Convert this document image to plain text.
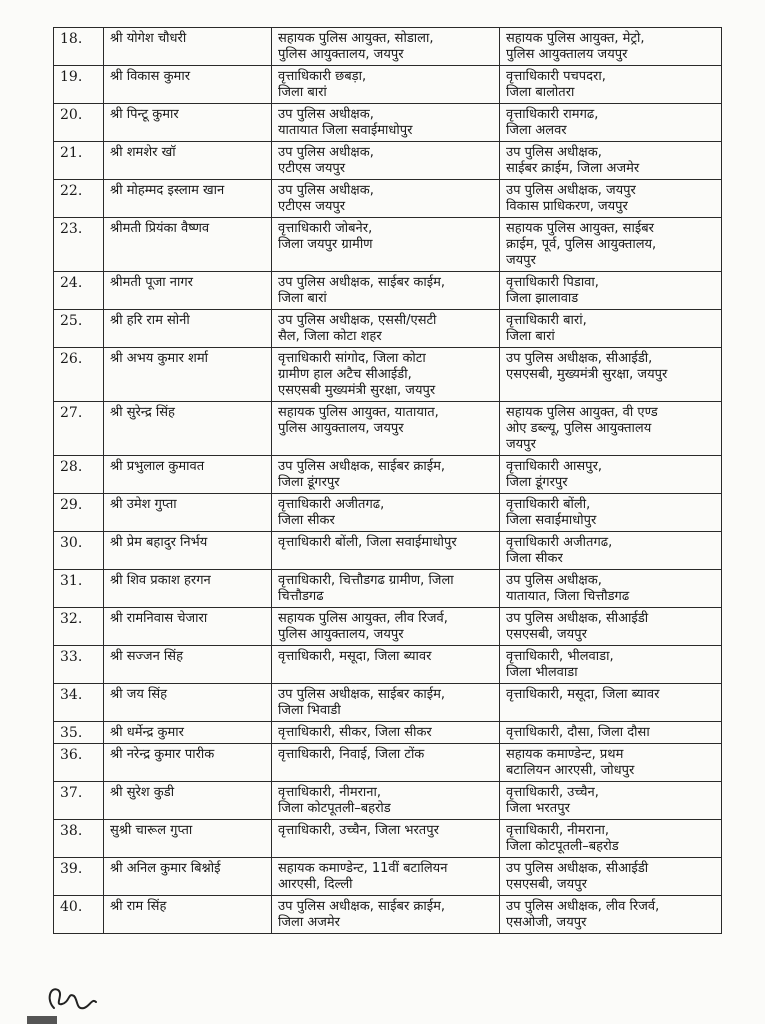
18.	श्री योगेश चौधरी	सहायक पुलिस आयुक्त, सोडाला,
पुलिस आयुक्तालय, जयपुर	सहायक पुलिस आयुक्त, मेट्रो,
पुलिस आयुक्तालय जयपुर

19.	श्री विकास कुमार	वृत्ताधिकारी छबड़ा,
जिला बारां	वृत्ताधिकारी पचपदरा,
जिला बालोतरा

20.	श्री पिन्टू कुमार	उप पुलिस अधीक्षक,
यातायात जिला सवाईमाधोपुर	वृत्ताधिकारी रामगढ,
जिला अलवर

21.	श्री शमशेर खॉ	उप पुलिस अधीक्षक,
एटीएस जयपुर	उप पुलिस अधीक्षक,
साईबर क्राईम, जिला अजमेर

22.	श्री मोहम्मद इस्लाम खान	उप पुलिस अधीक्षक,
एटीएस जयपुर	उप पुलिस अधीक्षक, जयपुर
विकास प्राधिकरण, जयपुर

23.	श्रीमती प्रियंका वैष्णव	वृत्ताधिकारी जोबनेर,
जिला जयपुर ग्रामीण	सहायक पुलिस आयुक्त, साईबर
क्राईम, पूर्व, पुलिस आयुक्तालय,
जयपुर

24.	श्रीमती पूजा नागर	उप पुलिस अधीक्षक, साईबर काईम,
जिला बारां	वृत्ताधिकारी पिडावा,
जिला झालावाड

25.	श्री हरि राम सोनी	उप पुलिस अधीक्षक, एससी/एसटी
सैल, जिला कोटा शहर	वृत्ताधिकारी बारां,
जिला बारां

26.	श्री अभय कुमार शर्मा	वृत्ताधिकारी सांगोद, जिला कोटा
ग्रामीण हाल अटैच सीआईडी,
एसएसबी मुख्यमंत्री सुरक्षा, जयपुर	उप पुलिस अधीक्षक, सीआईडी,
एसएसबी, मुख्यमंत्री सुरक्षा, जयपुर

27.	श्री सुरेन्द्र सिंह	सहायक पुलिस आयुक्त, यातायात,
पुलिस आयुक्तालय, जयपुर	सहायक पुलिस आयुक्त, वी एण्ड
ओए डब्ल्यू, पुलिस आयुक्तालय
जयपुर

28.	श्री प्रभुलाल कुमावत	उप पुलिस अधीक्षक, साईबर क्राईम,
जिला डूंगरपुर	वृत्ताधिकारी आसपुर,
जिला डूंगरपुर

29.	श्री उमेश गुप्ता	वृत्ताधिकारी अजीतगढ,
जिला सीकर	वृत्ताधिकारी बोंली,
जिला सवाईमाधोपुर

30.	श्री प्रेम बहादुर निर्भय	वृत्ताधिकारी बोंली, जिला सवाईमाधोपुर	वृत्ताधिकारी अजीतगढ,
जिला सीकर

31.	श्री शिव प्रकाश हरगन	वृत्ताधिकारी, चित्तौडगढ ग्रामीण, जिला
चित्तौडगढ	उप पुलिस अधीक्षक,
यातायात, जिला चित्तौडगढ

32.	श्री रामनिवास चेजारा	सहायक पुलिस आयुक्त, लीव रिजर्व,
पुलिस आयुक्तालय, जयपुर	उप पुलिस अधीक्षक, सीआईडी
एसएसबी, जयपुर

33.	श्री सज्जन सिंह	वृत्ताधिकारी, मसूदा, जिला ब्यावर	वृत्ताधिकारी, भीलवाडा,
जिला भीलवाडा

34.	श्री जय सिंह	उप पुलिस अधीक्षक, साईबर काईम,
जिला भिवाडी	वृत्ताधिकारी, मसूदा, जिला ब्यावर

35.	श्री धर्मेन्द्र कुमार	वृत्ताधिकारी, सीकर, जिला सीकर	वृत्ताधिकारी, दौसा, जिला दौसा

36.	श्री नरेन्द्र कुमार पारीक	वृत्ताधिकारी, निवाई, जिला टोंक	सहायक कमाण्डेन्ट, प्रथम
बटालियन आरएसी, जोधपुर

37.	श्री सुरेश कुडी	वृत्ताधिकारी, नीमराना,
जिला कोटपूतली–बहरोड	वृत्ताधिकारी, उच्चैन,
जिला भरतपुर

38.	सुश्री चारूल गुप्ता	वृत्ताधिकारी, उच्चैन, जिला भरतपुर	वृत्ताधिकारी, नीमराना,
जिला कोटपूतली–बहरोड

39.	श्री अनिल कुमार बिश्नोई	सहायक कमाण्डेन्ट, 11वीं बटालियन
आरएसी, दिल्ली	उप पुलिस अधीक्षक, सीआईडी
एसएसबी, जयपुर

40.	श्री राम सिंह	उप पुलिस अधीक्षक, साईबर क्राईम,
जिला अजमेर	उप पुलिस अधीक्षक, लीव रिजर्व,
एसओजी, जयपुर
